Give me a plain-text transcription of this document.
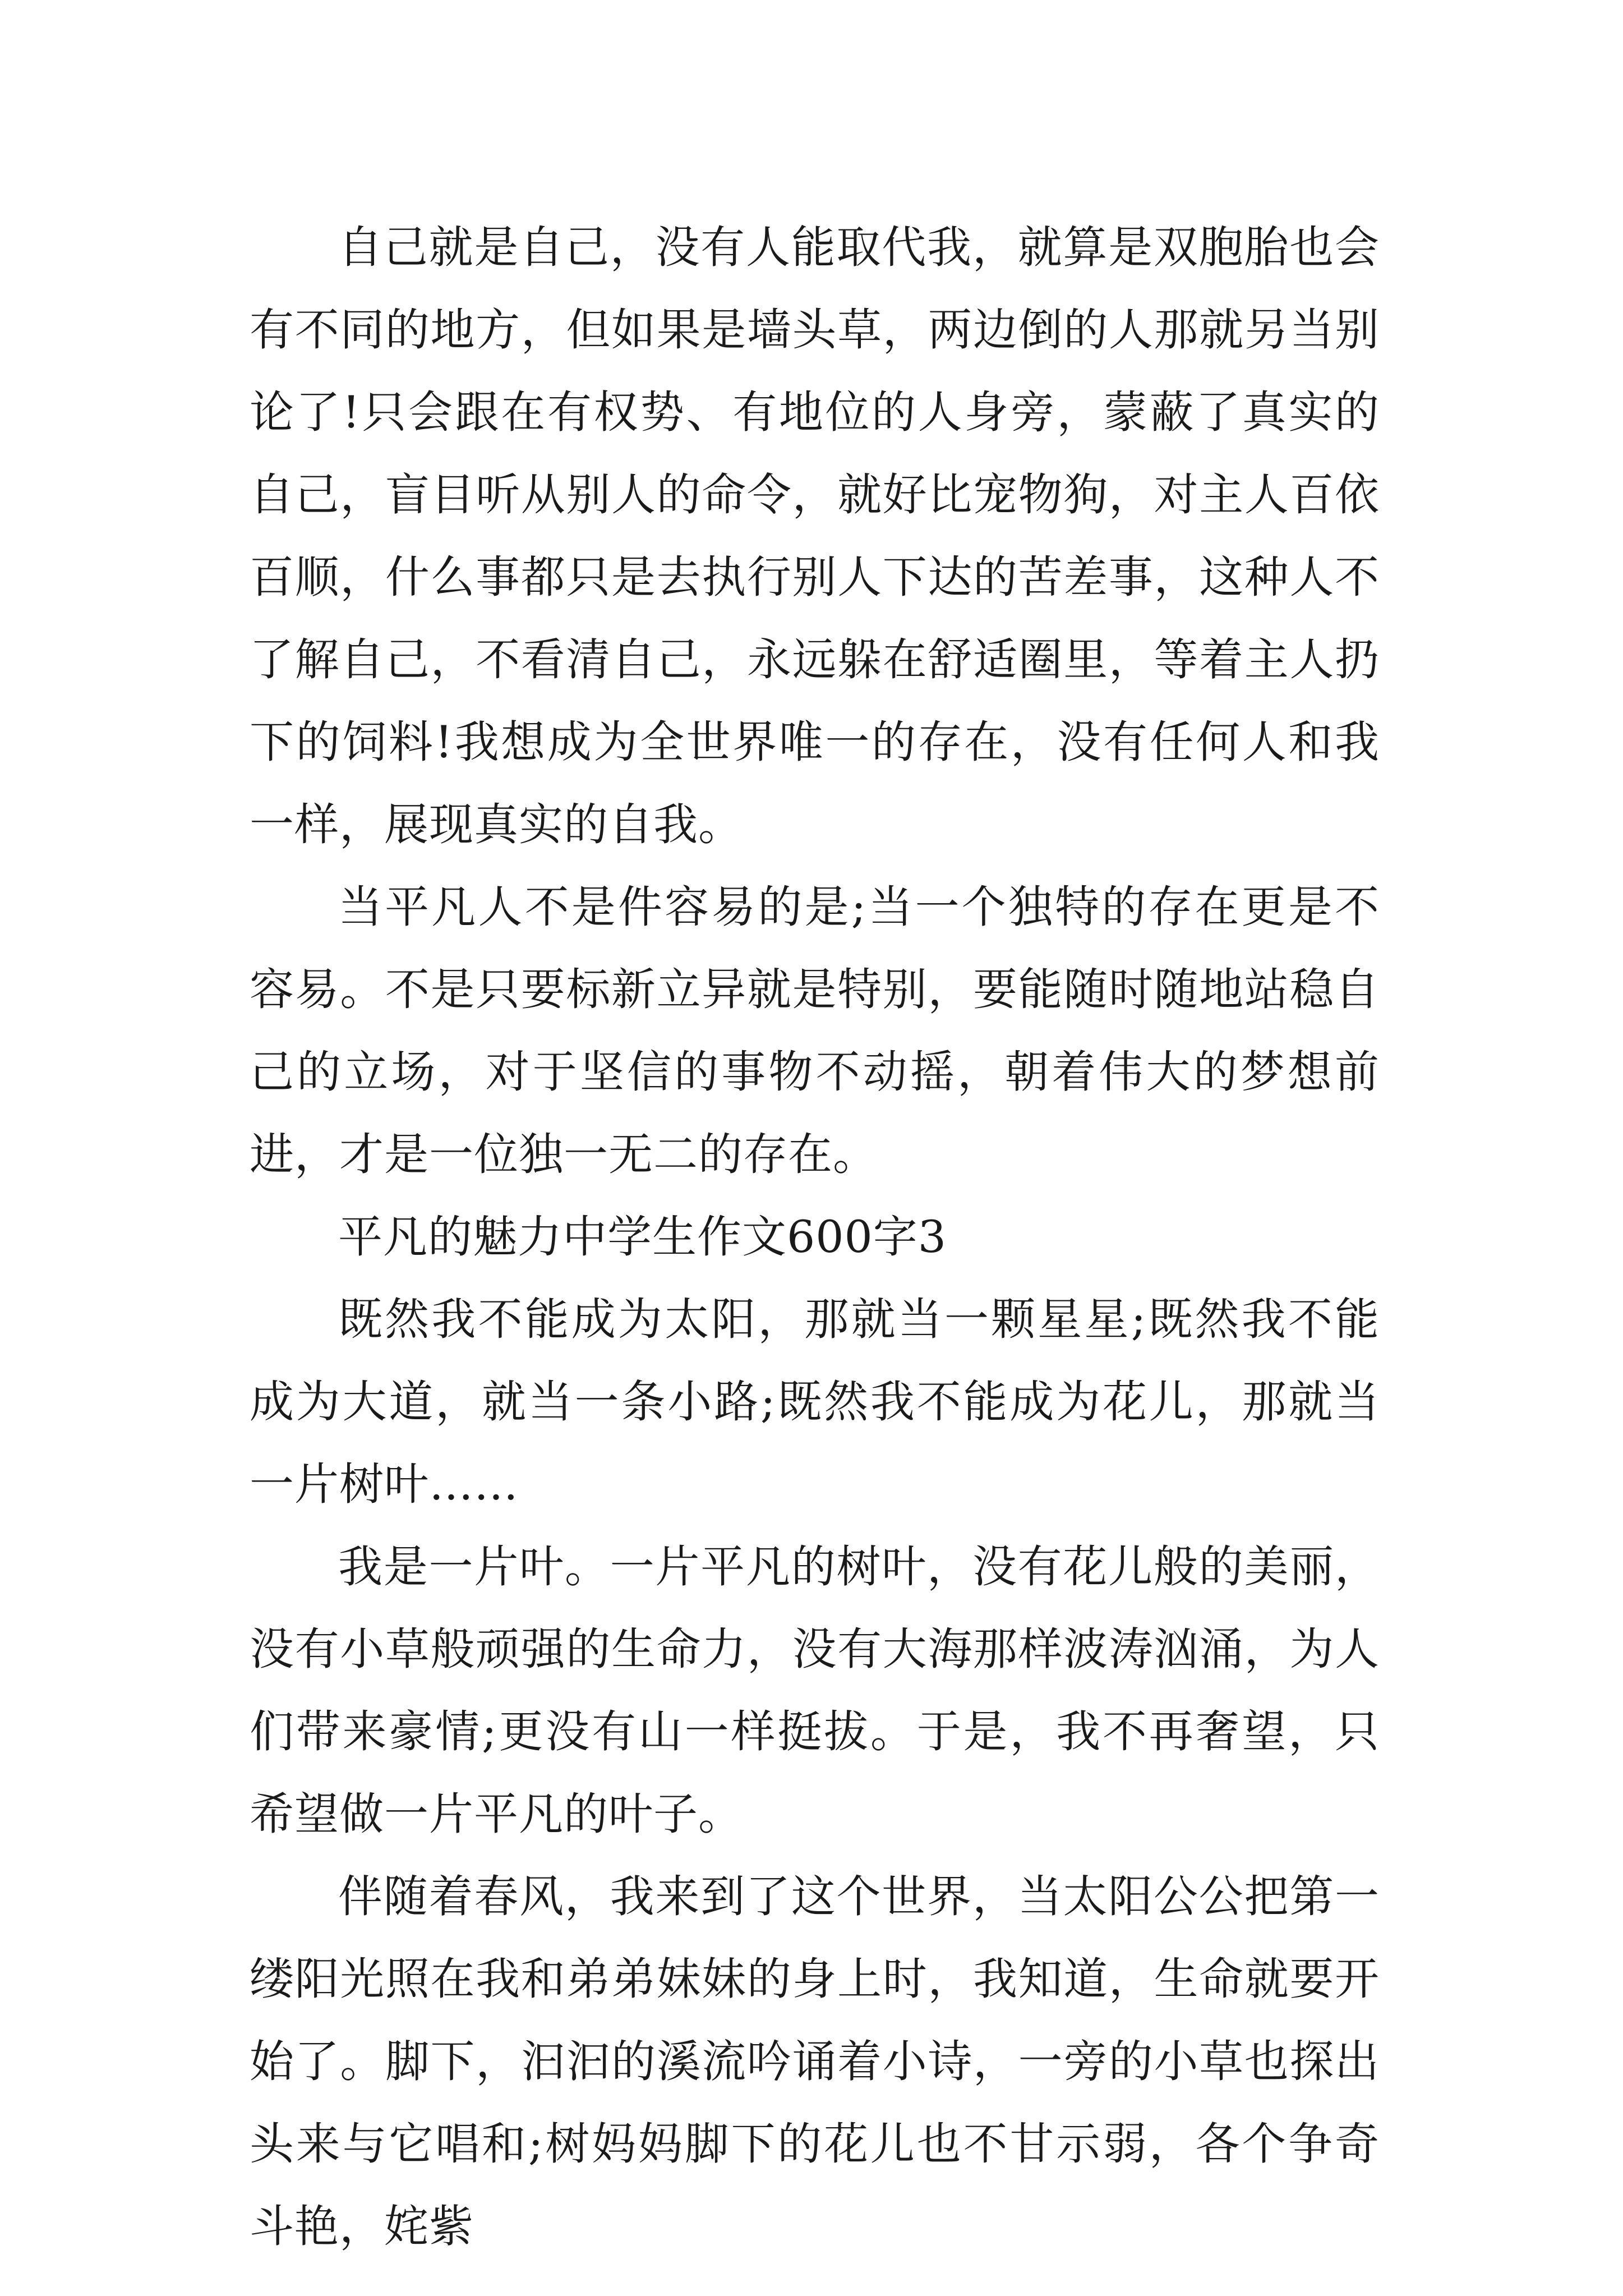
自己就是自己，没有人能取代我，就算是双胞胎也会有不同的地方，但如果是墙头草，两边倒的人那就另当别论了!只会跟在有权势、有地位的人身旁，蒙蔽了真实的自己，盲目听从别人的命令，就好比宠物狗，对主人百依百顺，什么事都只是去执行别人下达的苦差事，这种人不了解自己，不看清自己，永远躲在舒适圈里，等着主人扔下的饲料!我想成为全世界唯一的存在，没有任何人和我一样，展现真实的自我。

当平凡人不是件容易的是;当一个独特的存在更是不容易。不是只要标新立异就是特别，要能随时随地站稳自己的立场，对于坚信的事物不动摇，朝着伟大的梦想前进，才是一位独一无二的存在。

平凡的魅力中学生作文600字3

既然我不能成为太阳，那就当一颗星星;既然我不能成为大道，就当一条小路;既然我不能成为花儿，那就当一片树叶……

我是一片叶。一片平凡的树叶，没有花儿般的美丽，没有小草般顽强的生命力，没有大海那样波涛汹涌，为人们带来豪情;更没有山一样挺拔。于是，我不再奢望，只希望做一片平凡的叶子。

伴随着春风，我来到了这个世界，当太阳公公把第一缕阳光照在我和弟弟妹妹的身上时，我知道，生命就要开始了。脚下，汩汩的溪流吟诵着小诗，一旁的小草也探出头来与它唱和;树妈妈脚下的花儿也不甘示弱，各个争奇斗艳，姹紫
